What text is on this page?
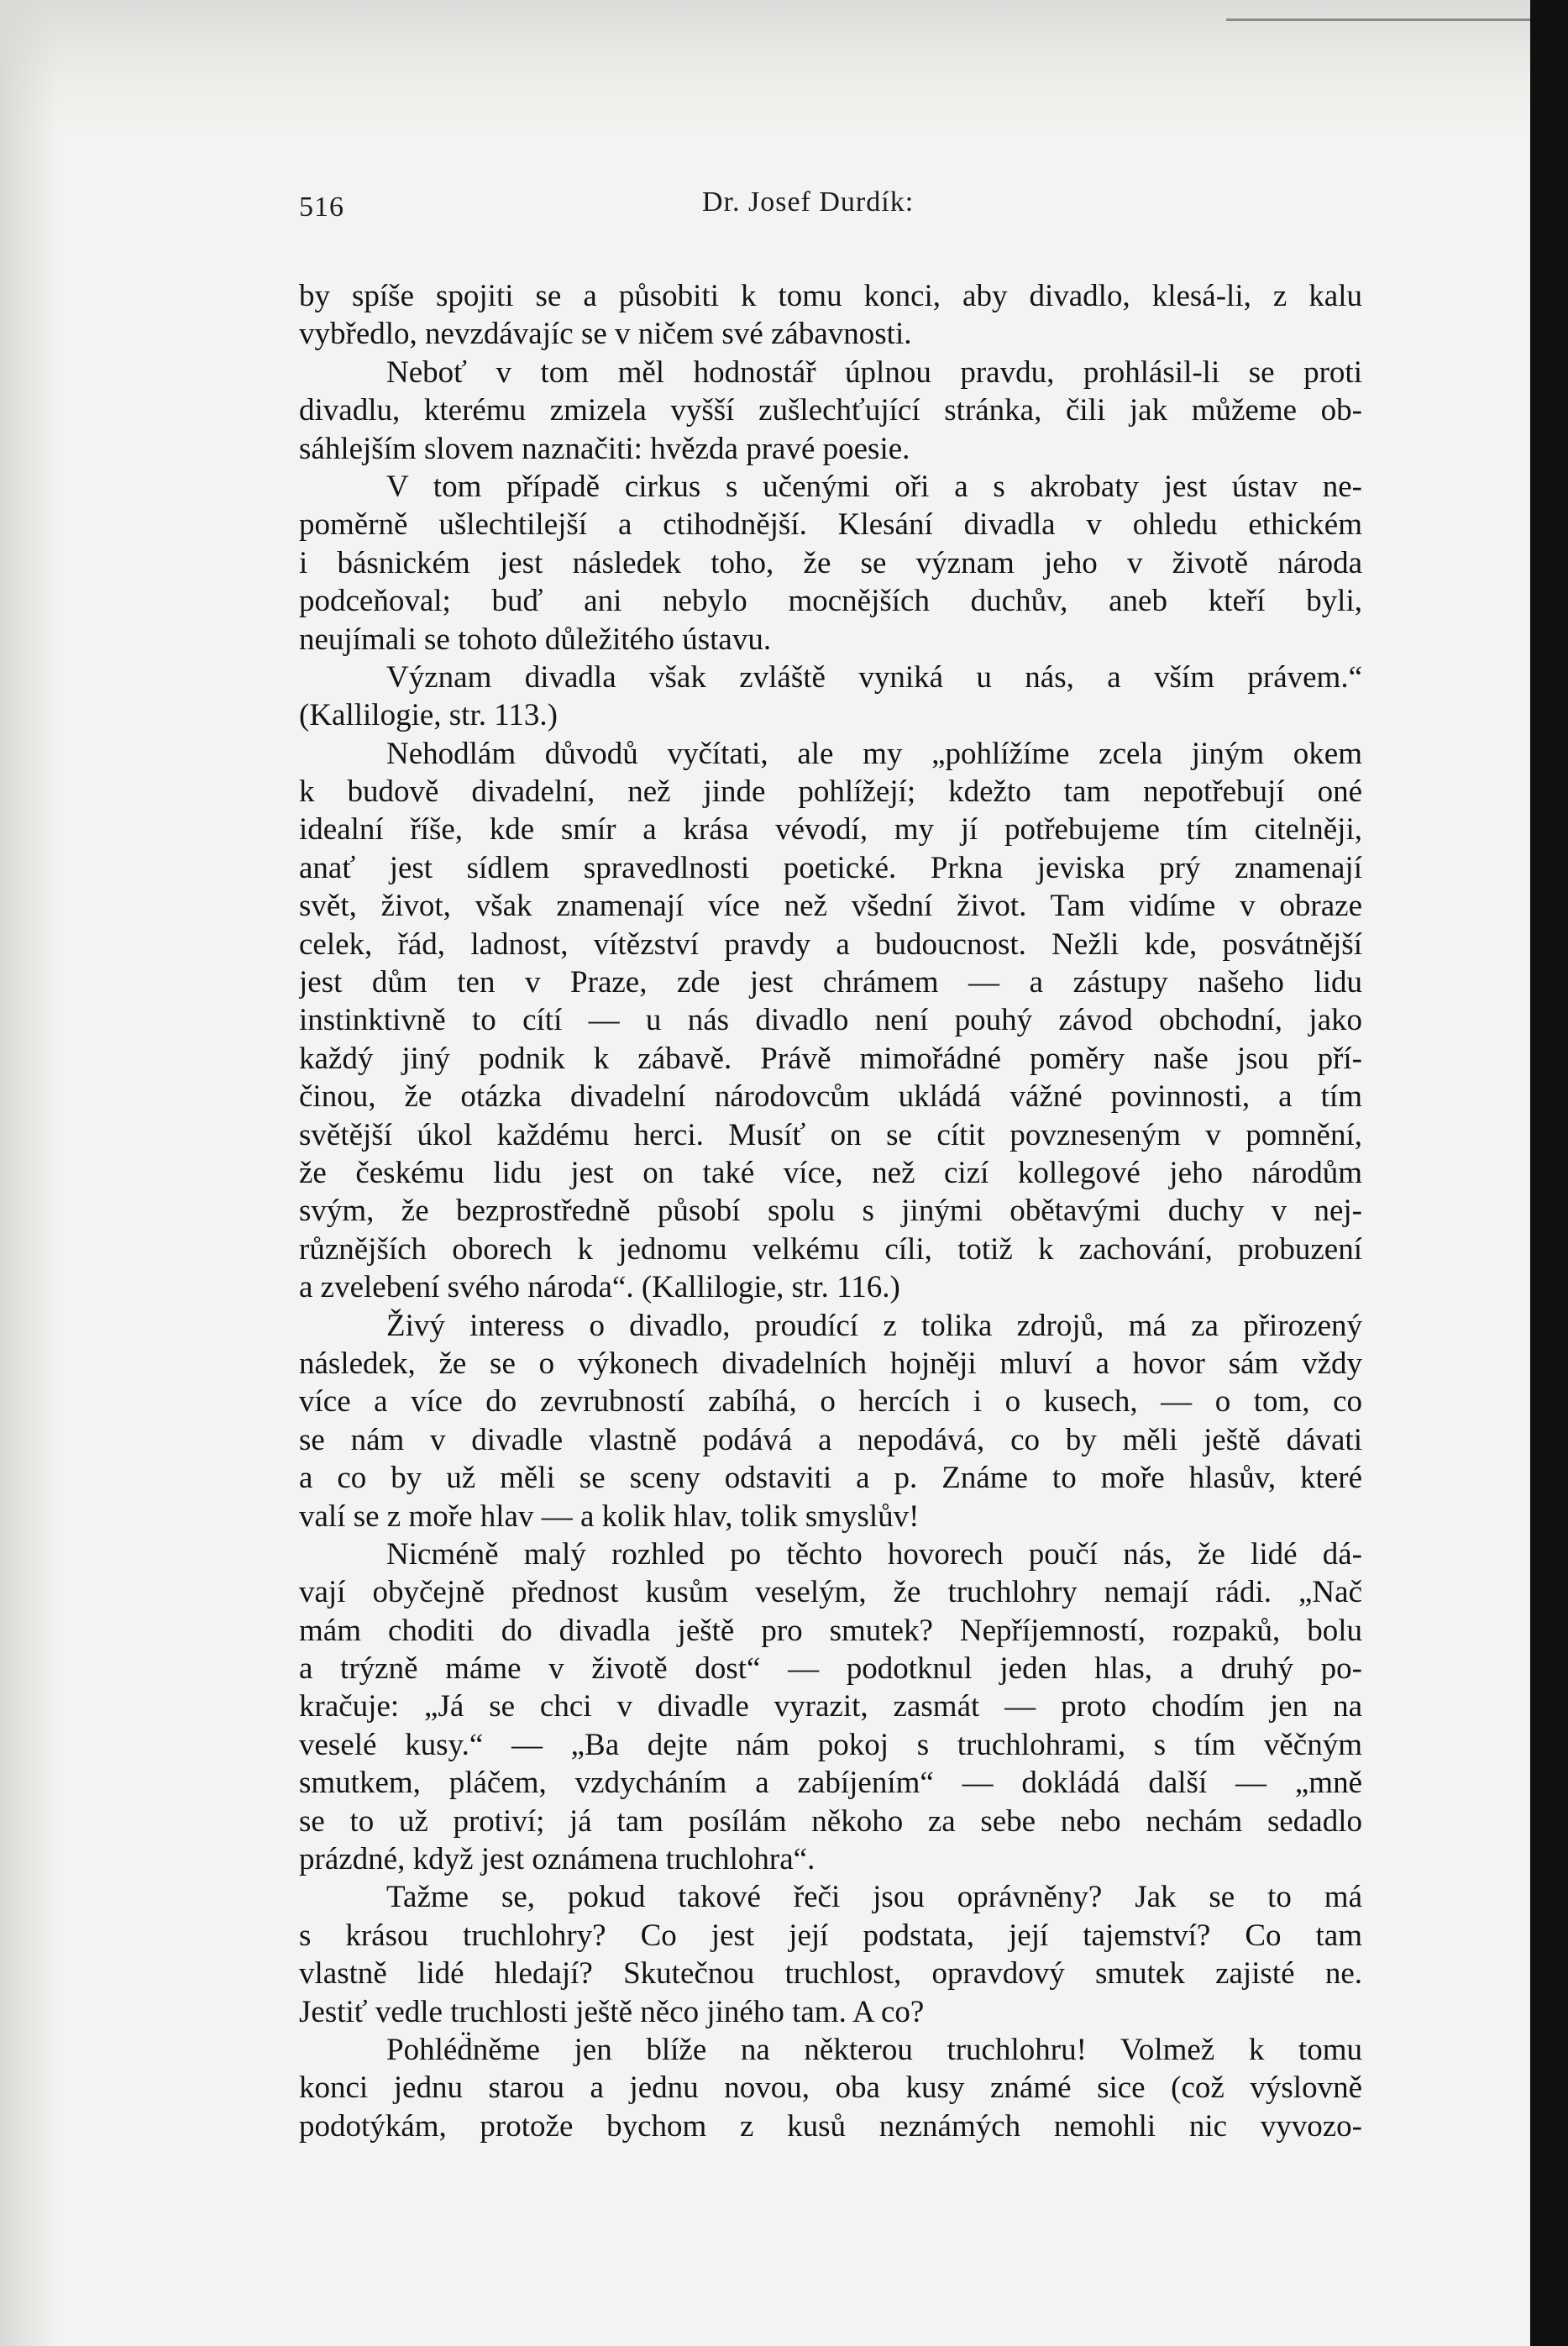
516	Dr. Josef Durdík:
by spíše spojiti se a působiti k tomu konci, aby divadlo, klesá-li, z kalu
vybředlo, nevzdávajíc se v ničem své zábavnosti.
Neboť v tom měl hodnostář úplnou pravdu, prohlásil-li se proti
divadlu, kterému zmizela vyšší zušlechťující stránka, čili jak můžeme ob-
sáhlejším slovem naznačiti: hvězda pravé poesie.
V tom případě cirkus s učenými oři a s akrobaty jest ústav ne-
poměrně ušlechtilejší a ctihodnější. Klesání divadla v ohledu ethickém
i básnickém jest následek toho, že se význam jeho v životě národa
podceňoval; buď ani nebylo mocnějších duchův, aneb kteří byli,
neujímali se tohoto důležitého ústavu.
Význam divadla však zvláště vyniká u nás, a vším právem.“
(Kallilogie, str. 113.)
Nehodlám důvodů vyčítati, ale my „pohlížíme zcela jiným okem
k budově divadelní, než jinde pohlížejí; kdežto tam nepotřebují oné
idealní říše, kde smír a krása vévodí, my jí potřebujeme tím citelněji,
anať jest sídlem spravedlnosti poetické. Prkna jeviska prý znamenají
svět, život, však znamenají více než všední život. Tam vidíme v obraze
celek, řád, ladnost, vítězství pravdy a budoucnost. Nežli kde, posvátnější
jest dům ten v Praze, zde jest chrámem — a zástupy našeho lidu
instinktivně to cítí — u nás divadlo není pouhý závod obchodní, jako
každý jiný podnik k zábavě. Právě mimořádné poměry naše jsou pří-
činou, že otázka divadelní národovcům ukládá vážné povinnosti, a tím
světější úkol každému herci. Musíť on se cítit povzneseným v pomnění,
že českému lidu jest on také více, než cizí kollegové jeho národům
svým, že bezprostředně působí spolu s jinými obětavými duchy v nej-
různějších oborech k jednomu velkému cíli, totiž k zachování, probuzení
a zvelebení svého národa“. (Kallilogie, str. 116.)
Živý interess o divadlo, proudící z tolika zdrojů, má za přirozený
následek, že se o výkonech divadelních hojněji mluví a hovor sám vždy
více a více do zevrubností zabíhá, o hercích i o kusech, — o tom, co
se nám v divadle vlastně podává a nepodává, co by měli ještě dávati
a co by už měli se sceny odstaviti a p. Známe to moře hlasův, které
valí se z moře hlav — a kolik hlav, tolik smyslův!
Nicméně malý rozhled po těchto hovorech poučí nás, že lidé dá-
vají obyčejně přednost kusům veselým, že truchlohry nemají rádi. „Nač
mám choditi do divadla ještě pro smutek? Nepříjemností, rozpaků, bolu
a trýzně máme v životě dost“ — podotknul jeden hlas, a druhý po-
kračuje: „Já se chci v divadle vyrazit, zasmát — proto chodím jen na
veselé kusy.“ — „Ba dejte nám pokoj s truchlohrami, s tím věčným
smutkem, pláčem, vzdycháním a zabíjením“ — dokládá další — „mně
se to už protiví; já tam posílám někoho za sebe nebo nechám sedadlo
prázdné, když jest oznámena truchlohra“.
Tažme se, pokud takové řeči jsou oprávněny? Jak se to má
s krásou truchlohry? Co jest její podstata, její tajemství? Co tam
vlastně lidé hledají? Skutečnou truchlost, opravdový smutek zajisté ne.
Jestiť vedle truchlosti ještě něco jiného tam. A co?
Pohléd̈něme jen blíže na některou truchlohru! Volmež k tomu
konci jednu starou a jednu novou, oba kusy známé sice (což výslovně
podotýkám, protože bychom z kusů neznámých nemohli nic vyvozo-
